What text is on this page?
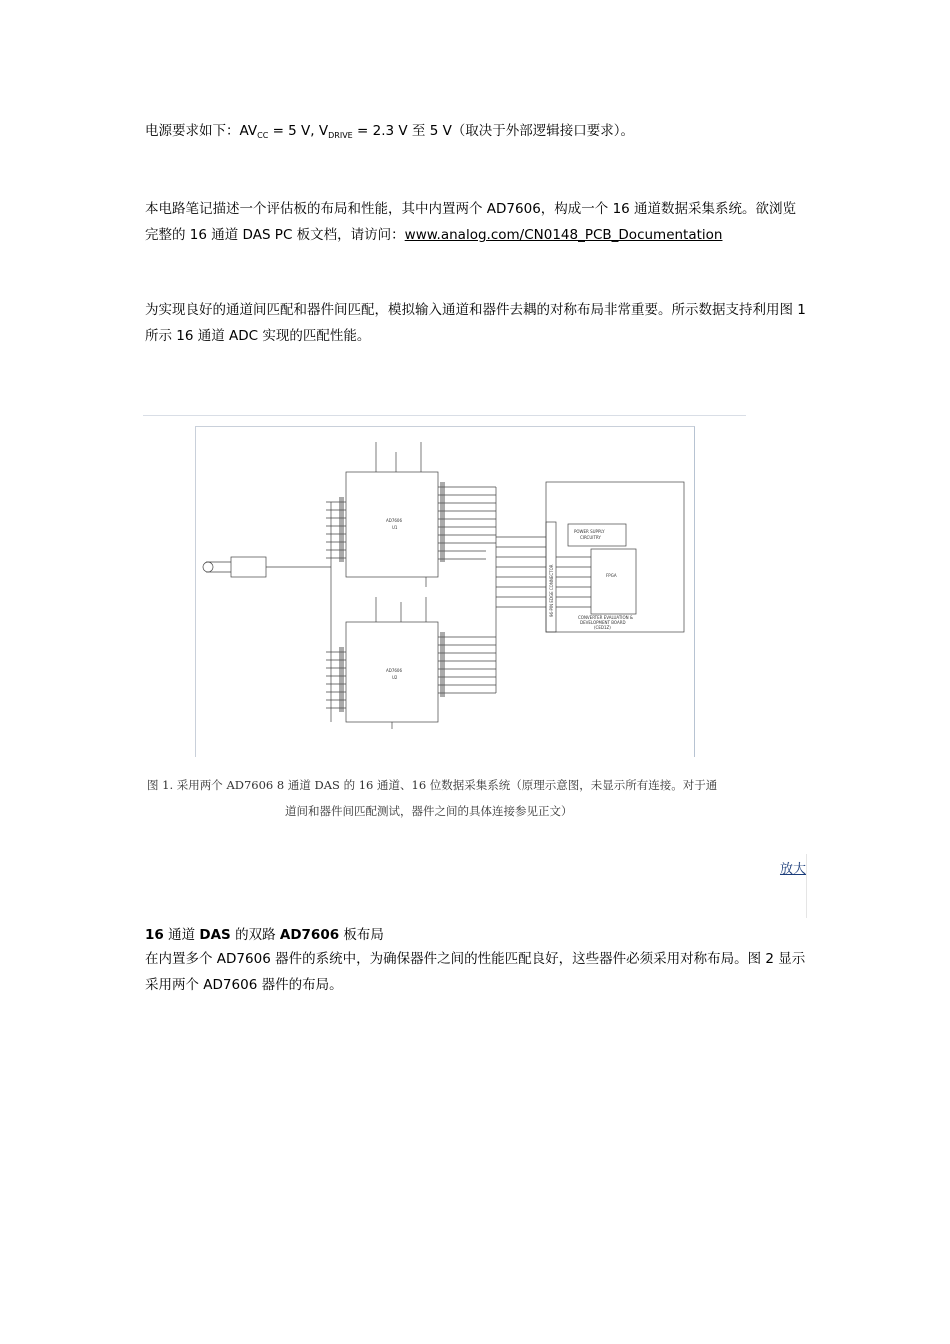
电源要求如下：$AV_{CC} = 5$ V, $V_{DRIVE} = 2.3$ V 至 5 V（取决于外部逻辑接口要求）。
本电路笔记描述一个评估板的布局和性能，其中内置两个 AD7606，构成一个 16 通道数据采集系统。欲浏览完整的 16 通道 DAS PC 板文档，请访问：www.analog.com/CN0148_PCB_Documentation
为实现良好的通道间匹配和器件间匹配，模拟输入通道和器件去耦的对称布局非常重要。所示数据支持利用图 1 所示 16 通道 ADC 实现的匹配性能。
AD7606
U1
AD7606
U2
POWER SUPPLY
CIRCUITRY
FPGA
CONVERTER EVALUATION &
DEVELOPMENT BOARD
(CED1Z)
96-PIN EDGE CONNECTOR
图 1. 采用两个 AD7606 8 通道 DAS 的 16 通道、16 位数据采集系统（原理示意图，未显示所有连接。对于通
道间和器件间匹配测试，器件之间的具体连接参见正文）
放大
16 通道 DAS 的双路 AD7606 板布局
在内置多个 AD7606 器件的系统中，为确保器件之间的性能匹配良好，这些器件必须采用对称布局。图 2 显示采用两个 AD7606 器件的布局。
